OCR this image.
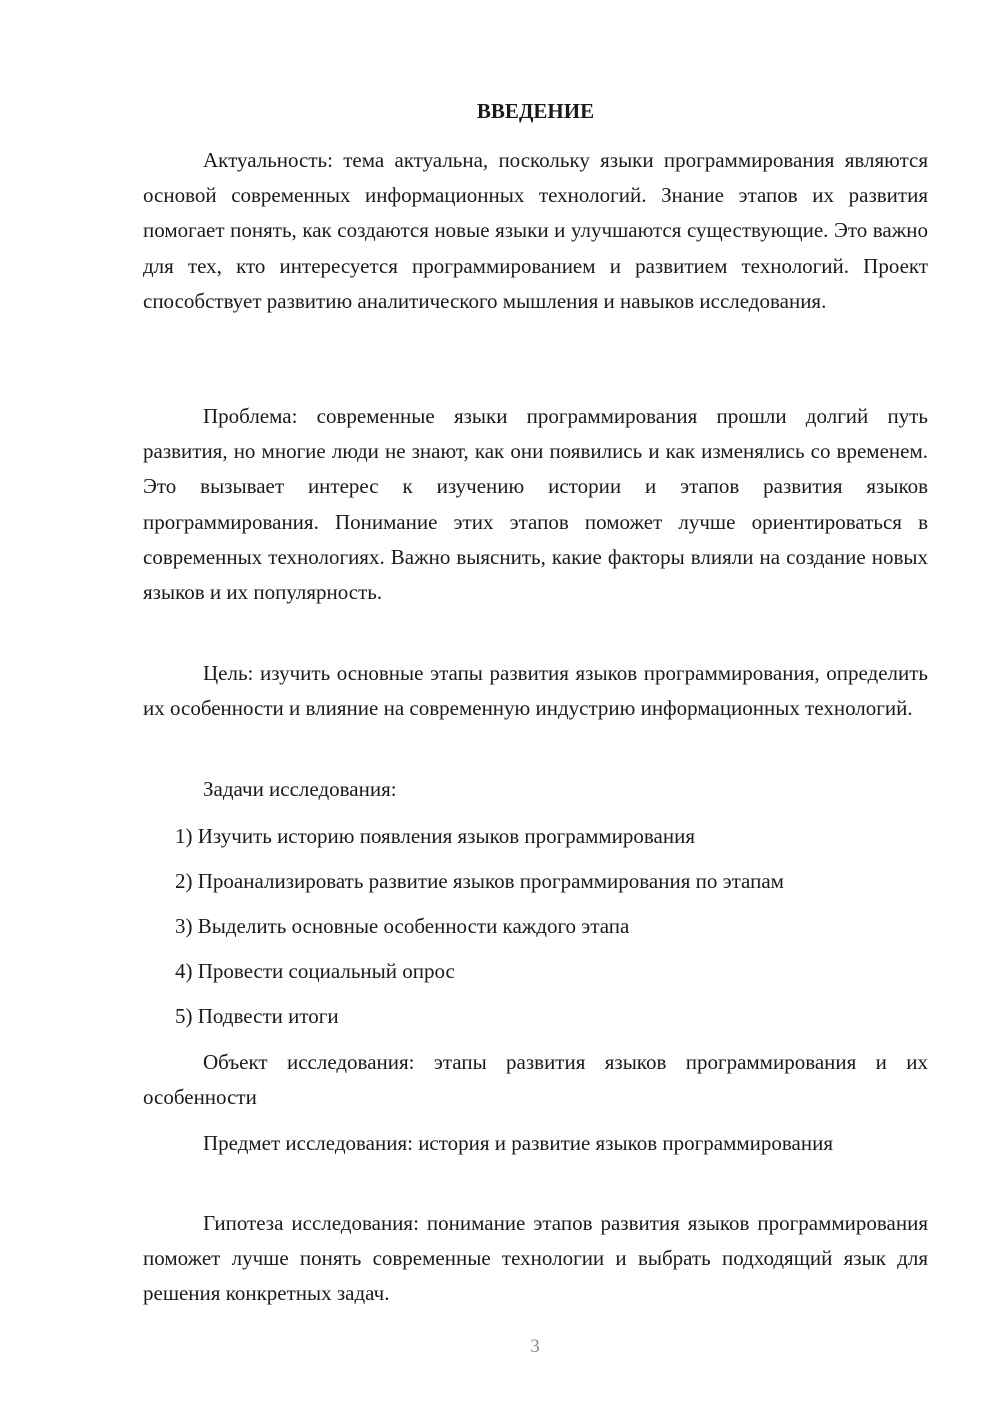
ВВЕДЕНИЕ

Актуальность: тема актуальна, поскольку языки программирования являются основой современных информационных технологий. Знание этапов их развития помогает понять, как создаются новые языки и улучшаются существующие. Это важно для тех, кто интересуется программированием и развитием технологий. Проект способствует развитию аналитического мышления и навыков исследования.

Проблема: современные языки программирования прошли долгий путь развития, но многие люди не знают, как они появились и как изменялись со временем. Это вызывает интерес к изучению истории и этапов развития языков программирования. Понимание этих этапов поможет лучше ориентироваться в современных технологиях. Важно выяснить, какие факторы влияли на создание новых языков и их популярность.

Цель: изучить основные этапы развития языков программирования, определить их особенности и влияние на современную индустрию информационных технологий.

Задачи исследования:

1) Изучить историю появления языков программирования
2) Проанализировать развитие языков программирования по этапам
3) Выделить основные особенности каждого этапа
4) Провести социальный опрос
5) Подвести итоги

Объект исследования: этапы развития языков программирования и их особенности

Предмет исследования: история и развитие языков программирования

Гипотеза исследования: понимание этапов развития языков программирования поможет лучше понять современные технологии и выбрать подходящий язык для решения конкретных задач.

3
